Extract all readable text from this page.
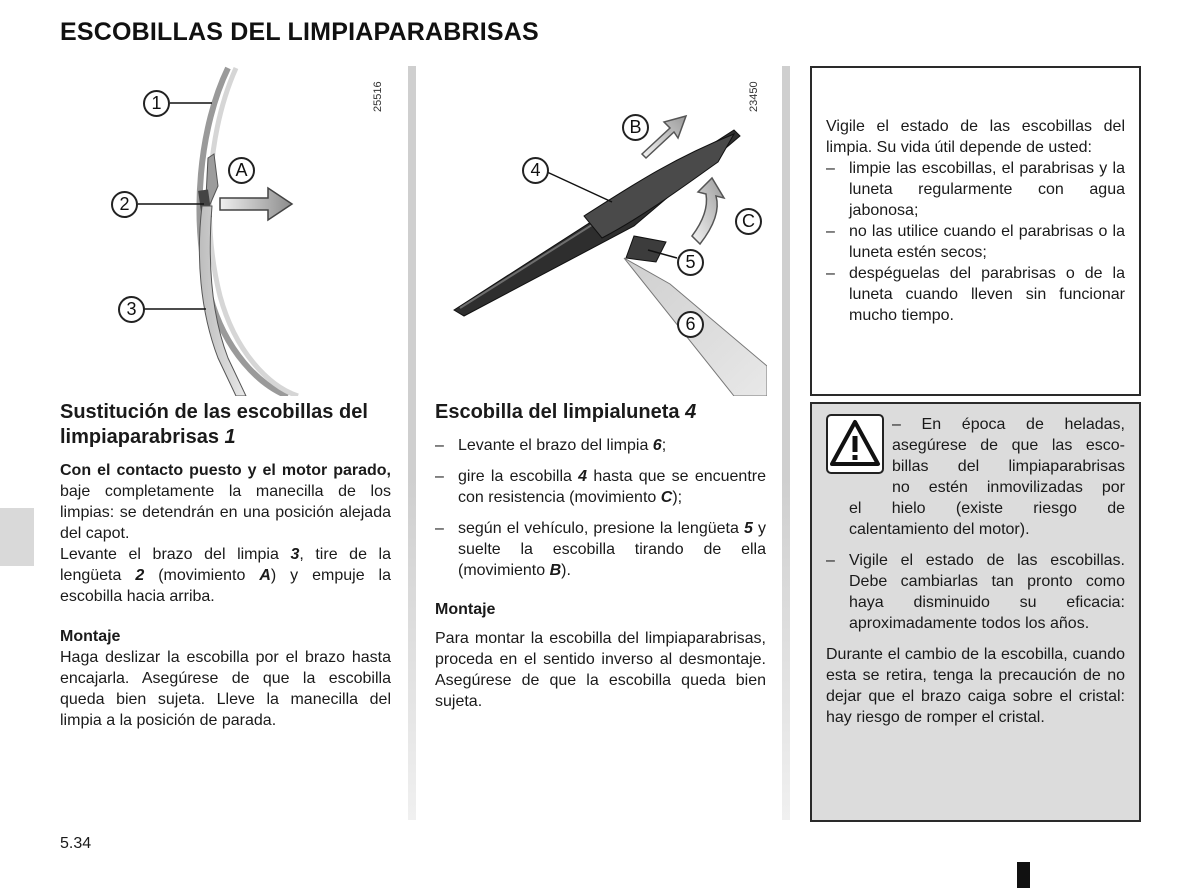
ESCOBILLAS DEL LIMPIAPARABRISAS
25516
1
A
2
3
23450
B
4
C
5
6

Vigile el estado de las escobillas del limpia. Su vida útil depende de usted:

– limpie las escobillas, el parabrisas y la luneta regularmente con agua jabonosa;
– no las utilice cuando el parabrisas o la luneta estén secos;
– despéguelas del parabrisas o de la luneta cuando lleven sin funcionar mucho tiempo.
Sustitución de las escobillas del limpiaparabrisas 1

Con el contacto puesto y el motor parado, baje completamente la manecilla de los limpias: se detendrán en una posición alejada del capot.

Levante el brazo del limpia 3, tire de la lengüeta 2 (movimiento A) y empuje la escobilla hacia arriba.

Montaje

Haga deslizar la escobilla por el brazo hasta encajarla. Asegúrese de que la escobilla queda bien sujeta. Lleve la manecilla del limpia a la posición de parada.

Escobilla del limpialuneta 4
– Levante el brazo del limpia 6;
– gire la escobilla 4 hasta que se encuentre con resistencia (movimiento C);
– según el vehículo, presione la lengüeta 5 y suelte la escobilla tirando de ella (movimiento B).

Montaje

Para montar la escobilla del limpiaparabrisas, proceda en el sentido inverso al desmontaje. Asegúrese de que la escobilla queda bien sujeta.

– En época de heladas,

asegúrese de que las esco-

billas del limpiaparabrisas

no estén inmovilizadas por

el hielo (existe riesgo de calentamiento del motor).

– Vigile el estado de las escobillas. Debe cambiarlas tan pronto como haya disminuido su eficacia: aproximadamente todos los años.

Durante el cambio de la escobilla, cuando esta se retira, tenga la precaución de no dejar que el brazo caiga sobre el cristal: hay riesgo de romper el cristal.

5.34
